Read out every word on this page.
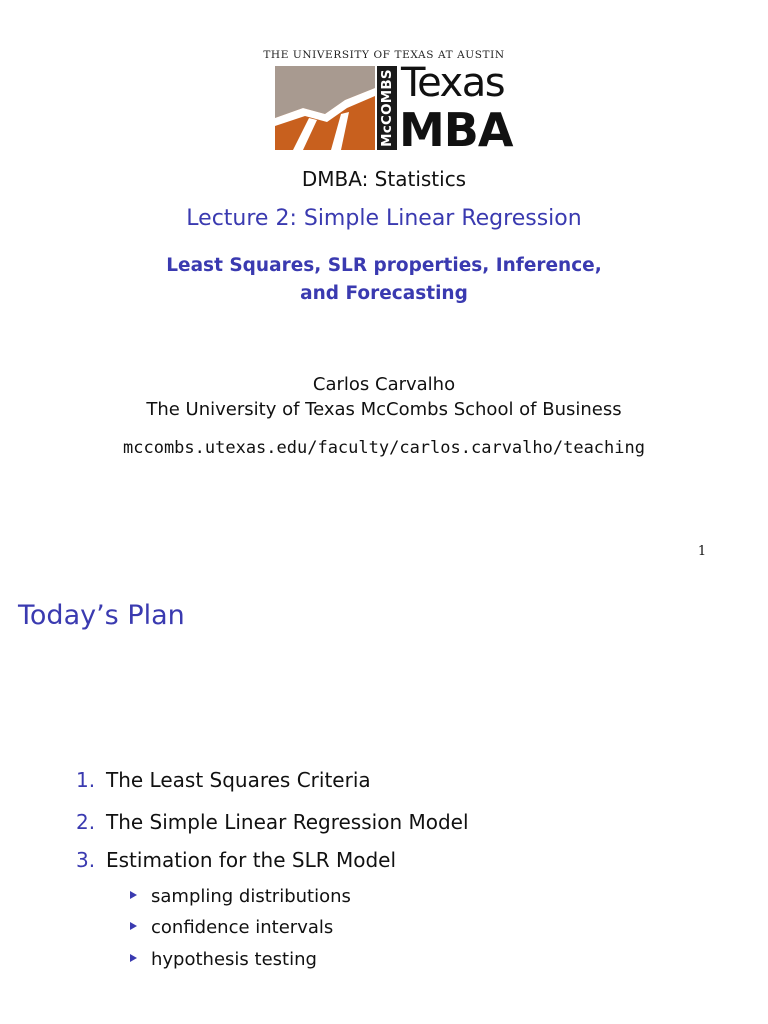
THE UNIVERSITY OF TEXAS AT AUSTIN
McCOMBS Texas
MBA
DMBA: Statistics
Lecture 2: Simple Linear Regression
Least Squares, SLR properties, Inference,
and Forecasting
Carlos Carvalho
The University of Texas McCombs School of Business
mccombs.utexas.edu/faculty/carlos.carvalho/teaching
1
Today’s Plan
1. The Least Squares Criteria
2. The Simple Linear Regression Model
3. Estimation for the SLR Model
sampling distributions
confidence intervals
hypothesis testing
